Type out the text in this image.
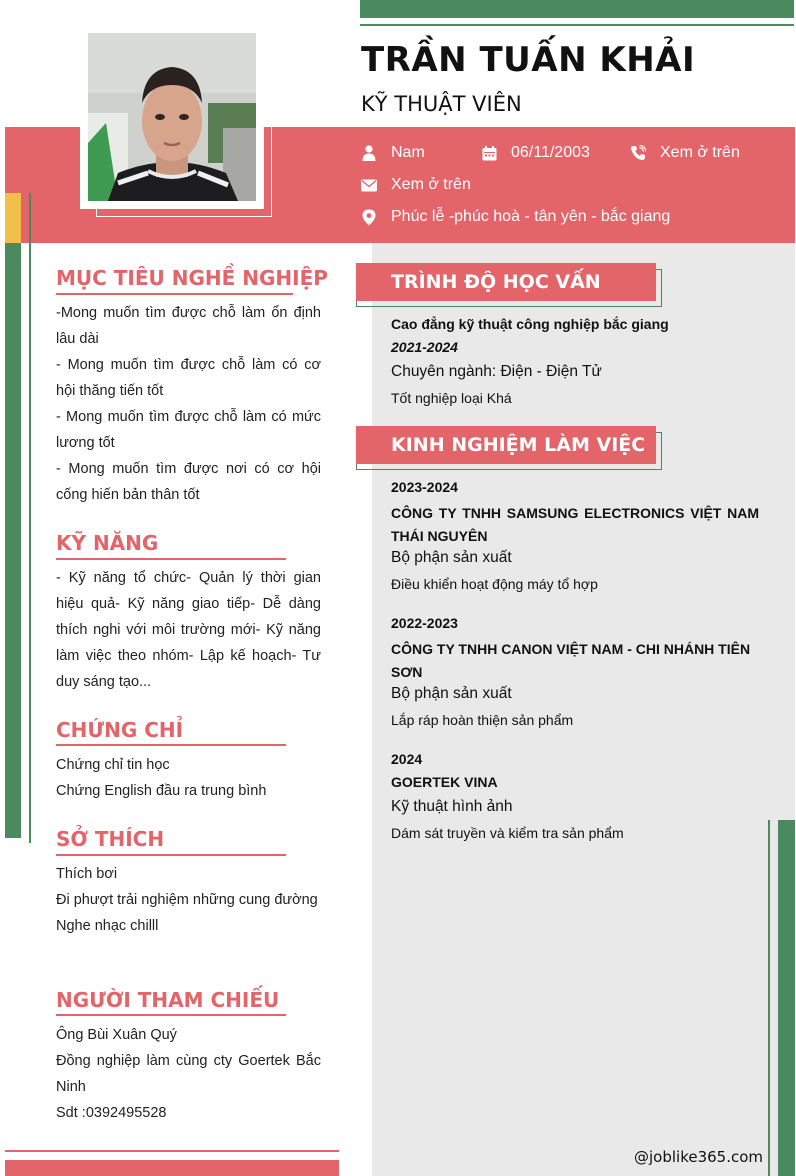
TRẦN TUẤN KHẢI
KỸ THUẬT VIÊN
Nam	06/11/2003	Xem ở trên
Xem ở trên
Phúc lễ -phúc hoà - tân yên - bắc giang
MỤC TIÊU NGHỀ NGHIỆP

-Mong muốn tìm được chỗ làm ổn định lâu dài

- Mong muốn tìm được chỗ làm có cơ hội thăng tiến tốt

- Mong muốn tìm được chỗ làm có mức lương tốt

- Mong muốn tìm được nơi có cơ hội cống hiến bản thân tốt

KỸ NĂNG
- Kỹ năng tổ chức- Quản lý thời gian hiệu quả- Kỹ năng giao tiếp- Dễ dàng thích nghi với môi trường mới- Kỹ năng làm việc theo nhóm- Lập kế hoạch- Tư duy sáng tạo...
CHỨNG CHỈ

Chứng chỉ tin học

Chứng English đầu ra trung bình

SỞ THÍCH

Thích bơi

Đi phượt trải nghiệm những cung đường

Nghe nhạc chilll

NGƯỜI THAM CHIẾU

Ông Bùi Xuân Quý

Đồng nghiệp làm cùng cty Goertek Bắc Ninh

Sdt :0392495528

TRÌNH ĐỘ HỌC VẤN
Cao đẳng kỹ thuật công nghiệp bắc giang
2021-2024
Chuyên ngành: Điện - Điện Tử
Tốt nghiệp loại Khá
KINH NGHIỆM LÀM VIỆC
2023-2024
CÔNG TY TNHH SAMSUNG ELECTRONICS VIỆT NAM THÁI NGUYÊN
Bộ phận sản xuất
Điều khiển hoạt động máy tổ hợp
2022-2023
CÔNG TY TNHH CANON VIỆT NAM - CHI NHÁNH TIÊN SƠN
Bộ phận sản xuất
Lắp ráp hoàn thiện sản phẩm
2024
GOERTEK VINA
Kỹ thuật hình ảnh
Dám sát truyền và kiểm tra sản phẩm
@joblike365.com
